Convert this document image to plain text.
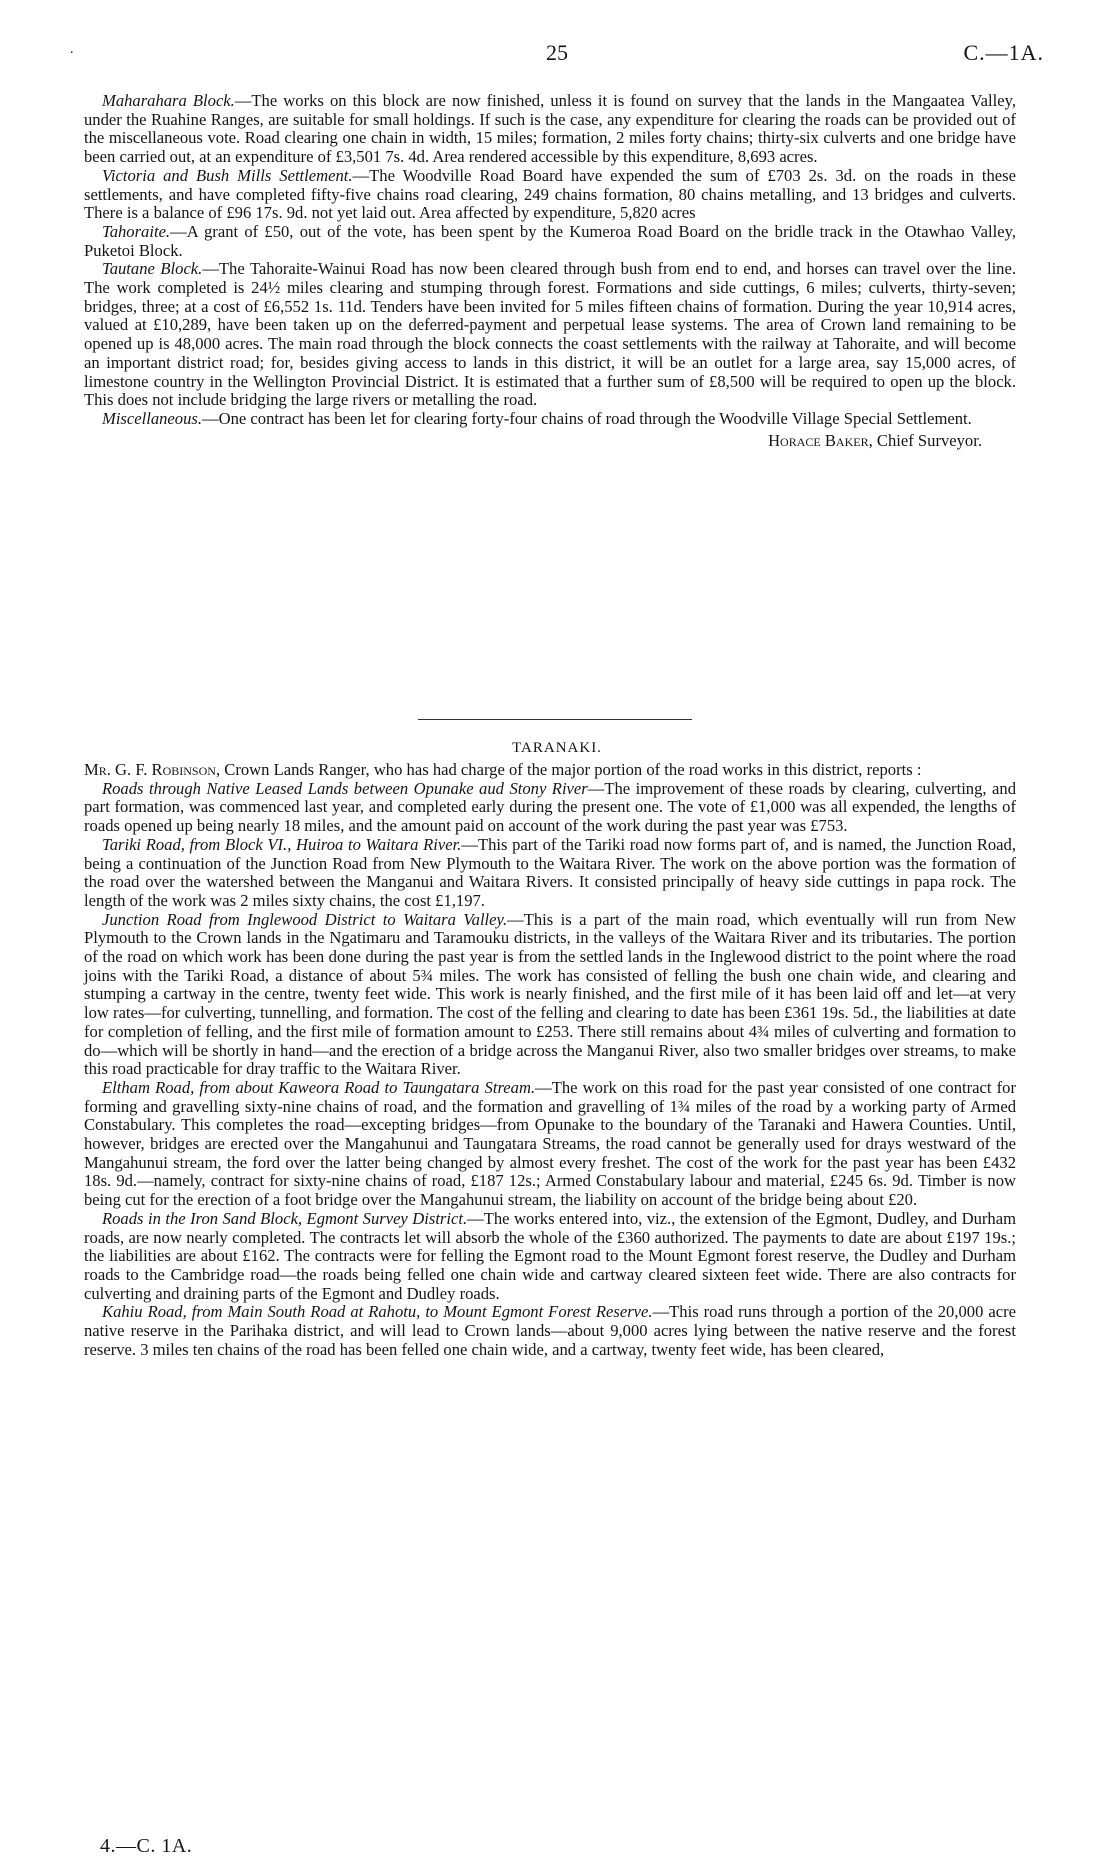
.	25	C.—1A.

Maharahara Block.—The works on this block are now finished, unless it is found on survey that the lands in the Mangaatea Valley, under the Ruahine Ranges, are suitable for small holdings. If such is the case, any expenditure for clearing the roads can be provided out of the miscellaneous vote. Road clearing one chain in width, 15 miles; formation, 2 miles forty chains; thirty-six culverts and one bridge have been carried out, at an expenditure of £3,501 7s. 4d. Area rendered accessible by this expenditure, 8,693 acres.

Victoria and Bush Mills Settlement.—The Woodville Road Board have expended the sum of £703 2s. 3d. on the roads in these settlements, and have completed fifty-five chains road clearing, 249 chains formation, 80 chains metalling, and 13 bridges and culverts. There is a balance of £96 17s. 9d. not yet laid out. Area affected by expenditure, 5,820 acres

Tahoraite.—A grant of £50, out of the vote, has been spent by the Kumeroa Road Board on the bridle track in the Otawhao Valley, Puketoi Block.

Tautane Block.—The Tahoraite-Wainui Road has now been cleared through bush from end to end, and horses can travel over the line. The work completed is 24½ miles clearing and stumping through forest. Formations and side cuttings, 6 miles; culverts, thirty-seven; bridges, three; at a cost of £6,552 1s. 11d. Tenders have been invited for 5 miles fifteen chains of formation. During the year 10,914 acres, valued at £10,289, have been taken up on the deferred-payment and perpetual lease systems. The area of Crown land remaining to be opened up is 48,000 acres. The main road through the block connects the coast settlements with the railway at Tahoraite, and will become an important district road; for, besides giving access to lands in this district, it will be an outlet for a large area, say 15,000 acres, of limestone country in the Wellington Provincial District. It is estimated that a further sum of £8,500 will be required to open up the block. This does not include bridging the large rivers or metalling the road.

Miscellaneous.—One contract has been let for clearing forty-four chains of road through the Woodville Village Special Settlement.

Horace Baker, Chief Surveyor.
TARANAKI.

Mr. G. F. Robinson, Crown Lands Ranger, who has had charge of the major portion of the road works in this district, reports :

Roads through Native Leased Lands between Opunake aud Stony River—The improvement of these roads by clearing, culverting, and part formation, was commenced last year, and completed early during the present one. The vote of £1,000 was all expended, the lengths of roads opened up being nearly 18 miles, and the amount paid on account of the work during the past year was £753.

Tariki Road, from Block VI., Huiroa to Waitara River.—This part of the Tariki road now forms part of, and is named, the Junction Road, being a continuation of the Junction Road from New Plymouth to the Waitara River. The work on the above portion was the formation of the road over the watershed between the Manganui and Waitara Rivers. It consisted principally of heavy side cuttings in papa rock. The length of the work was 2 miles sixty chains, the cost £1,197.

Junction Road from Inglewood District to Waitara Valley.—This is a part of the main road, which eventually will run from New Plymouth to the Crown lands in the Ngatimaru and Taramouku districts, in the valleys of the Waitara River and its tributaries. The portion of the road on which work has been done during the past year is from the settled lands in the Inglewood district to the point where the road joins with the Tariki Road, a distance of about 5¾ miles. The work has consisted of felling the bush one chain wide, and clearing and stumping a cartway in the centre, twenty feet wide. This work is nearly finished, and the first mile of it has been laid off and let—at very low rates—for culverting, tunnelling, and formation. The cost of the felling and clearing to date has been £361 19s. 5d., the liabilities at date for completion of felling, and the first mile of formation amount to £253. There still remains about 4¾ miles of culverting and formation to do—which will be shortly in hand—and the erection of a bridge across the Manganui River, also two smaller bridges over streams, to make this road practicable for dray traffic to the Waitara River.

Eltham Road, from about Kaweora Road to Taungatara Stream.—The work on this road for the past year consisted of one contract for forming and gravelling sixty-nine chains of road, and the formation and gravelling of 1¾ miles of the road by a working party of Armed Constabulary. This completes the road—excepting bridges—from Opunake to the boundary of the Taranaki and Hawera Counties. Until, however, bridges are erected over the Mangahunui and Taungatara Streams, the road cannot be generally used for drays westward of the Mangahunui stream, the ford over the latter being changed by almost every freshet. The cost of the work for the past year has been £432 18s. 9d.—namely, contract for sixty-nine chains of road, £187 12s.; Armed Constabulary labour and material, £245 6s. 9d. Timber is now being cut for the erection of a foot bridge over the Mangahunui stream, the liability on account of the bridge being about £20.

Roads in the Iron Sand Block, Egmont Survey District.—The works entered into, viz., the extension of the Egmont, Dudley, and Durham roads, are now nearly completed. The contracts let will absorb the whole of the £360 authorized. The payments to date are about £197 19s.; the liabilities are about £162. The contracts were for felling the Egmont road to the Mount Egmont forest reserve, the Dudley and Durham roads to the Cambridge road—the roads being felled one chain wide and cartway cleared sixteen feet wide. There are also contracts for culverting and draining parts of the Egmont and Dudley roads.

Kahiu Road, from Main South Road at Rahotu, to Mount Egmont Forest Reserve.—This road runs through a portion of the 20,000 acre native reserve in the Parihaka district, and will lead to Crown lands—about 9,000 acres lying between the native reserve and the forest reserve. 3 miles ten chains of the road has been felled one chain wide, and a cartway, twenty feet wide, has been cleared,

4.—C. 1A.
